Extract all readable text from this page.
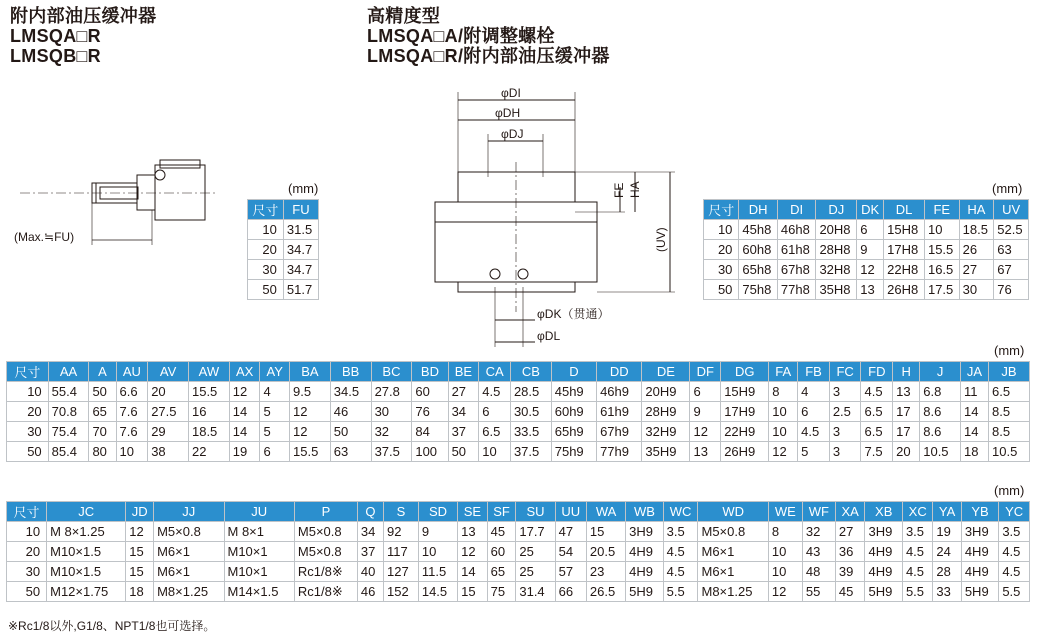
附内部油压缓冲器
LMSQA□R
LMSQB□R
高精度型
LMSQA□A/附调整螺栓
LMSQA□R/附内部油压缓冲器
(Max.≒FU)
(mm)
尺寸	FU
10	31.5
20	34.7
30	34.7
50	51.7
φDI
φDH
φDJ
FE HA
(UV)
φDK（贯通）
φDL
(mm)
尺寸	DH	DI	DJ	DK	DL	FE	HA	UV
10	45h8	46h8	20H8	6	15H8	10	18.5	52.5
20	60h8	61h8	28H8	9	17H8	15.5	26	63
30	65h8	67h8	32H8	12	22H8	16.5	27	67
50	75h8	77h8	35H8	13	26H8	17.5	30	76
(mm)
尺寸	AA	A	AU	AV	AW	AX	AY	BA	BB	BC	BD	BE	CA	CB	D	DD	DE	DF	DG	FA	FB	FC	FD	H	J	JA	JB
10	55.4	50	6.6	20	15.5	12	4	9.5	34.5	27.8	60	27	4.5	28.5	45h9	46h9	20H9	6	15H9	8	4	3	4.5	13	6.8	11	6.5
20	70.8	65	7.6	27.5	16	14	5	12	46	30	76	34	6	30.5	60h9	61h9	28H9	9	17H9	10	6	2.5	6.5	17	8.6	14	8.5
30	75.4	70	7.6	29	18.5	14	5	12	50	32	84	37	6.5	33.5	65h9	67h9	32H9	12	22H9	10	4.5	3	6.5	17	8.6	14	8.5
50	85.4	80	10	38	22	19	6	15.5	63	37.5	100	50	10	37.5	75h9	77h9	35H9	13	26H9	12	5	3	7.5	20	10.5	18	10.5
(mm)
尺寸	JC	JD	JJ	JU	P	Q	S	SD	SE	SF	SU	UU	WA	WB	WC	WD	WE	WF	XA	XB	XC	YA	YB	YC
10	M 8×1.25	12	M5×0.8	M 8×1	M5×0.8	34	92	9	13	45	17.7	47	15	3H9	3.5	M5×0.8	8	32	27	3H9	3.5	19	3H9	3.5
20	M10×1.5	15	M6×1	M10×1	M5×0.8	37	117	10	12	60	25	54	20.5	4H9	4.5	M6×1	10	43	36	4H9	4.5	24	4H9	4.5
30	M10×1.5	15	M6×1	M10×1	Rc1/8※	40	127	11.5	14	65	25	57	23	4H9	4.5	M6×1	10	48	39	4H9	4.5	28	4H9	4.5
50	M12×1.75	18	M8×1.25	M14×1.5	Rc1/8※	46	152	14.5	15	75	31.4	66	26.5	5H9	5.5	M8×1.25	12	55	45	5H9	5.5	33	5H9	5.5
※Rc1/8以外,G1/8、NPT1/8也可选择。
